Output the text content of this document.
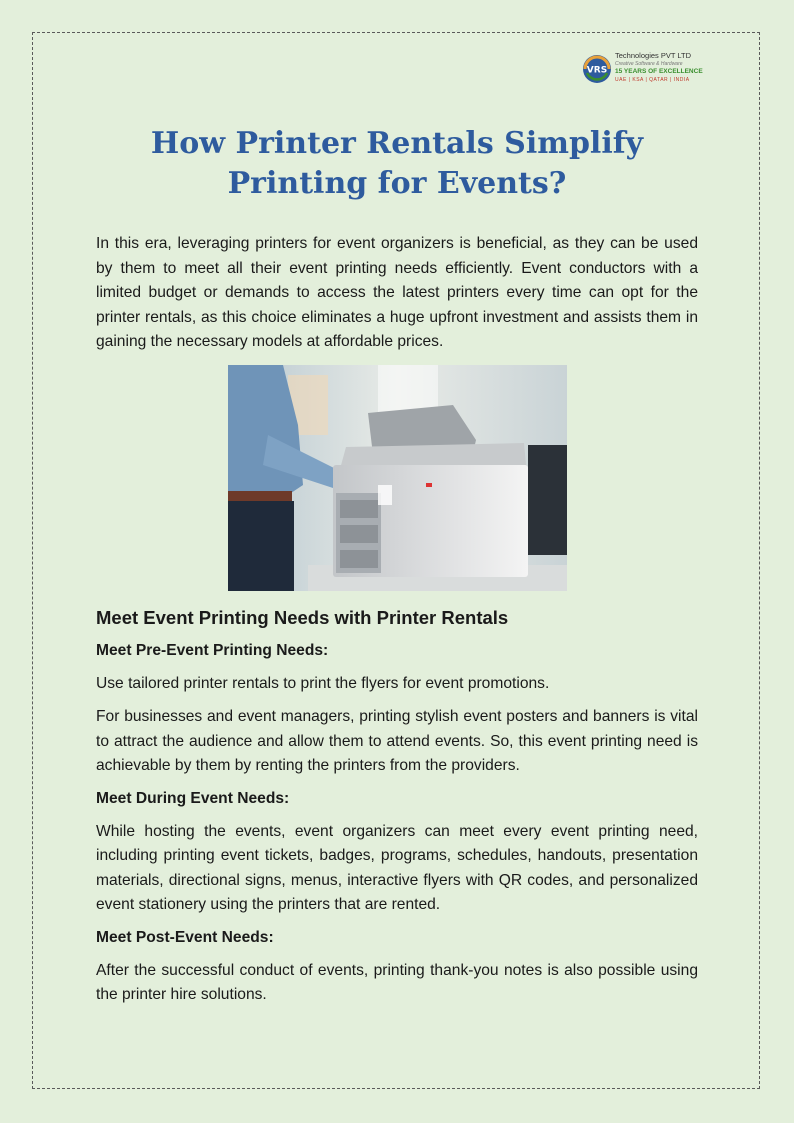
VRS
Technologies PVT LTD
Creative Software & Hardware
15 YEARS OF EXCELLENCE
UAE | KSA | QATAR | INDIA
How Printer Rentals Simplify Printing for Events?

In this era, leveraging printers for event organizers is beneficial, as they can be used by them to meet all their event printing needs efficiently. Event conductors with a limited budget or demands to access the latest printers every time can opt for the printer rentals, as this choice eliminates a huge upfront investment and assists them in gaining the necessary models at affordable prices.

Meet Event Printing Needs with Printer Rentals
Meet Pre-Event Printing Needs:

Use tailored printer rentals to print the flyers for event promotions.

For businesses and event managers, printing stylish event posters and banners is vital to attract the audience and allow them to attend events. So, this event printing need is achievable by them by renting the printers from the providers.

Meet During Event Needs:

While hosting the events, event organizers can meet every event printing need, including printing event tickets, badges, programs, schedules, handouts, presentation materials, directional signs, menus, interactive flyers with QR codes, and personalized event stationery using the printers that are rented.

Meet Post-Event Needs:

After the successful conduct of events, printing thank-you notes is also possible using the printer hire solutions.
